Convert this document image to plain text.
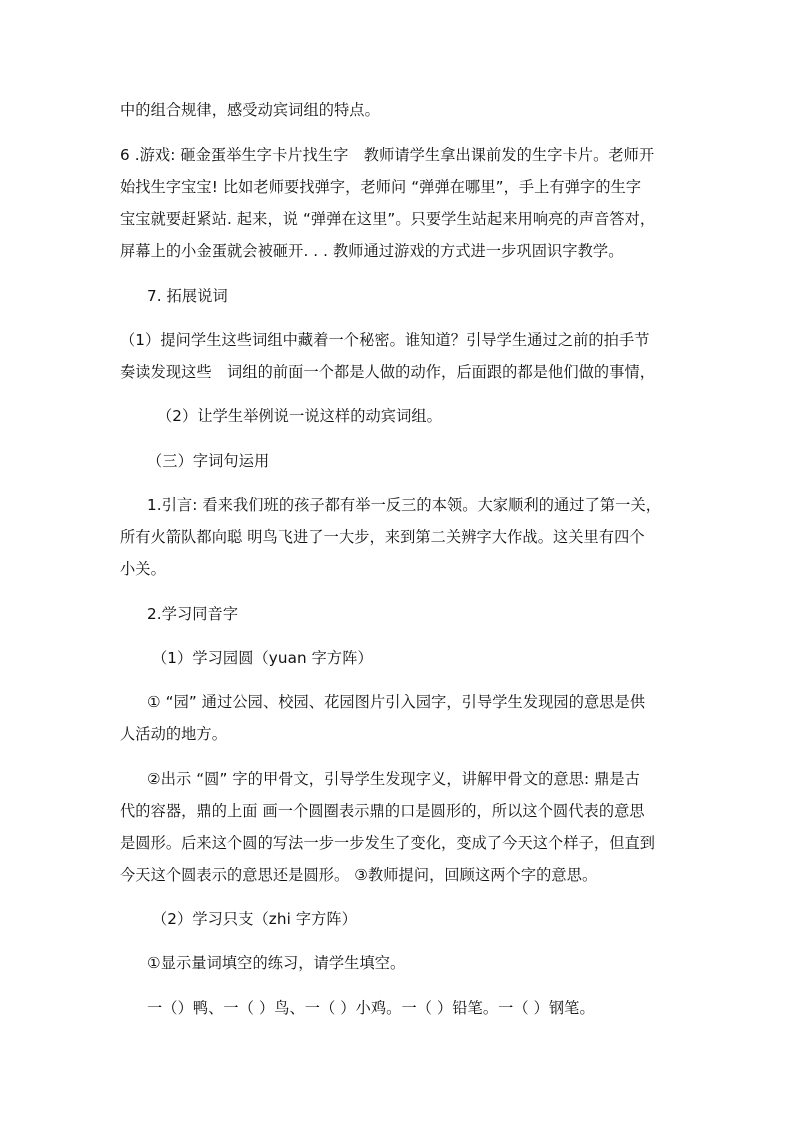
中的组合规律，感受动宾词组的特点。
6 .游戏: 砸金蛋举生字卡片找生字　教师请学生拿出课前发的生字卡片。老师开
始找生字宝宝! 比如老师要找弹字，老师问 “弹弹在哪里”，手上有弹字的生字
宝宝就要赶紧站. 起来，说 “弹弹在这里”。只要学生站起来用响亮的声音答对，
屏幕上的小金蛋就会被砸开. . . 教师通过游戏的方式进一步巩固识字教学。
7. 拓展说词
（1）提问学生这些词组中藏着一个秘密。谁知道？引导学生通过之前的拍手节
奏读发现这些　词组的前面一个都是人做的动作，后面跟的都是他们做的事情，
（2）让学生举例说一说这样的动宾词组。
（三）字词句运用
1.引言: 看来我们班的孩子都有举一反三的本领。大家顺利的通过了第一关，
所有火箭队都向聪 明鸟飞进了一大步，来到第二关辨字大作战。这关里有四个
小关。
2.学习同音字
（1）学习园圆（yuan 字方阵）
① “园” 通过公园、校园、花园图片引入园字，引导学生发现园的意思是供
人活动的地方。
②出示 “圆” 字的甲骨文，引导学生发现字义，讲解甲骨文的意思: 鼎是古
代的容器，鼎的上面 画一个圆圈表示鼎的口是圆形的，所以这个圆代表的意思
是圆形。后来这个圆的写法一步一步发生了变化，变成了今天这个样子，但直到
今天这个圆表示的意思还是圆形。 ③教师提问，回顾这两个字的意思。
（2）学习只支（zhi 字方阵）
①显示量词填空的练习，请学生填空。
一（）鸭、一（ ）鸟、一（ ）小鸡。一（ ）铅笔。一（ ）钢笔。
